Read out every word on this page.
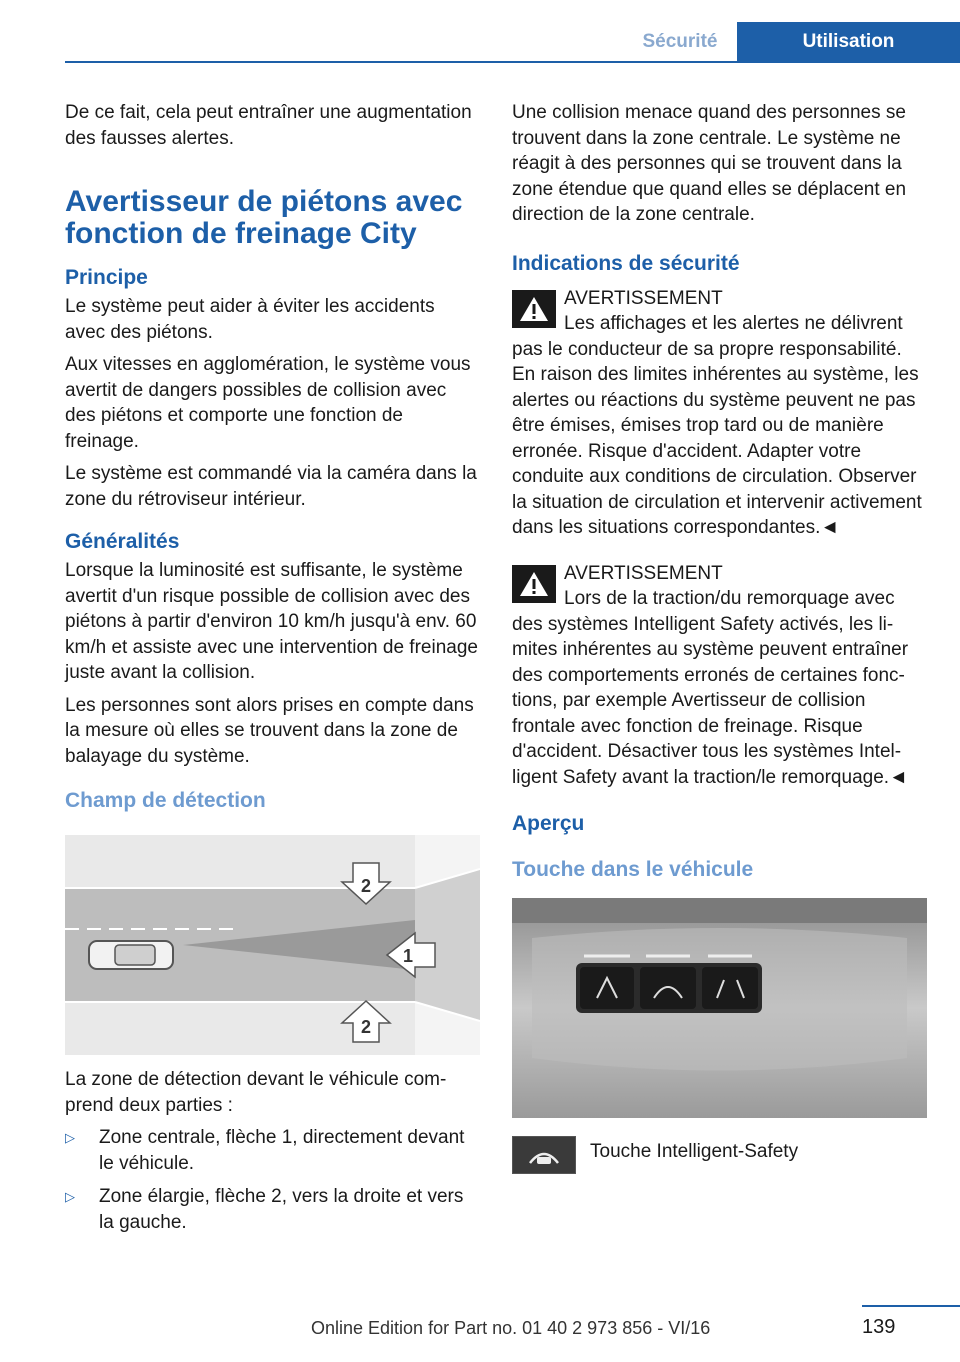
Sécurité	Utilisation

De ce fait, cela peut entraîner une augmentation des fausses alertes.

Avertisseur de piétons avec fonction de freinage City
Principe

Le système peut aider à éviter les accidents avec des piétons.

Aux vitesses en agglomération, le système vous avertit de dangers possibles de collision avec des piétons et comporte une fonction de freinage.

Le système est commandé via la caméra dans la zone du rétroviseur intérieur.

Généralités

Lorsque la luminosité est suffisante, le système avertit d'un risque possible de collision avec des piétons à partir d'environ 10 km/h jusqu'à env. 60 km/h et assiste avec une intervention de freinage juste avant la collision.

Les personnes sont alors prises en compte dans la mesure où elles se trouvent dans la zone de balayage du système.

Champ de détection
1
2
2

La zone de détection devant le véhicule comprend deux parties :

▷	Zone centrale, flèche 1, directement devant le véhicule.
▷	Zone élargie, flèche 2, vers la droite et vers la gauche.

Une collision menace quand des personnes se trouvent dans la zone centrale. Le système ne réagit à des personnes qui se trouvent dans la zone étendue que quand elles se déplacent en direction de la zone centrale.

Indications de sécurité

AVERTISSEMENT

Les affichages et les alertes ne délivrent

pas le conducteur de sa propre responsabilité. En raison des limites inhérentes au système, les alertes ou réactions du système peuvent ne pas être émises, émises trop tard ou de manière erronée. Risque d'accident. Adapter votre conduite aux conditions de circulation. Observer la situation de circulation et intervenir activement dans les situations correspondantes.◄

AVERTISSEMENT

Lors de la traction/du remorquage avec

des systèmes Intelligent Safety activés, les limites inhérentes au système peuvent entraîner des comportements erronés de certaines fonctions, par exemple Avertisseur de collision frontale avec fonction de freinage. Risque d'accident. Désactiver tous les systèmes Intelligent Safety avant la traction/le remorquage.◄

Aperçu
Touche dans le véhicule

Touche Intelligent-Safety

139
Online Edition for Part no. 01 40 2 973 856 - VI/16
